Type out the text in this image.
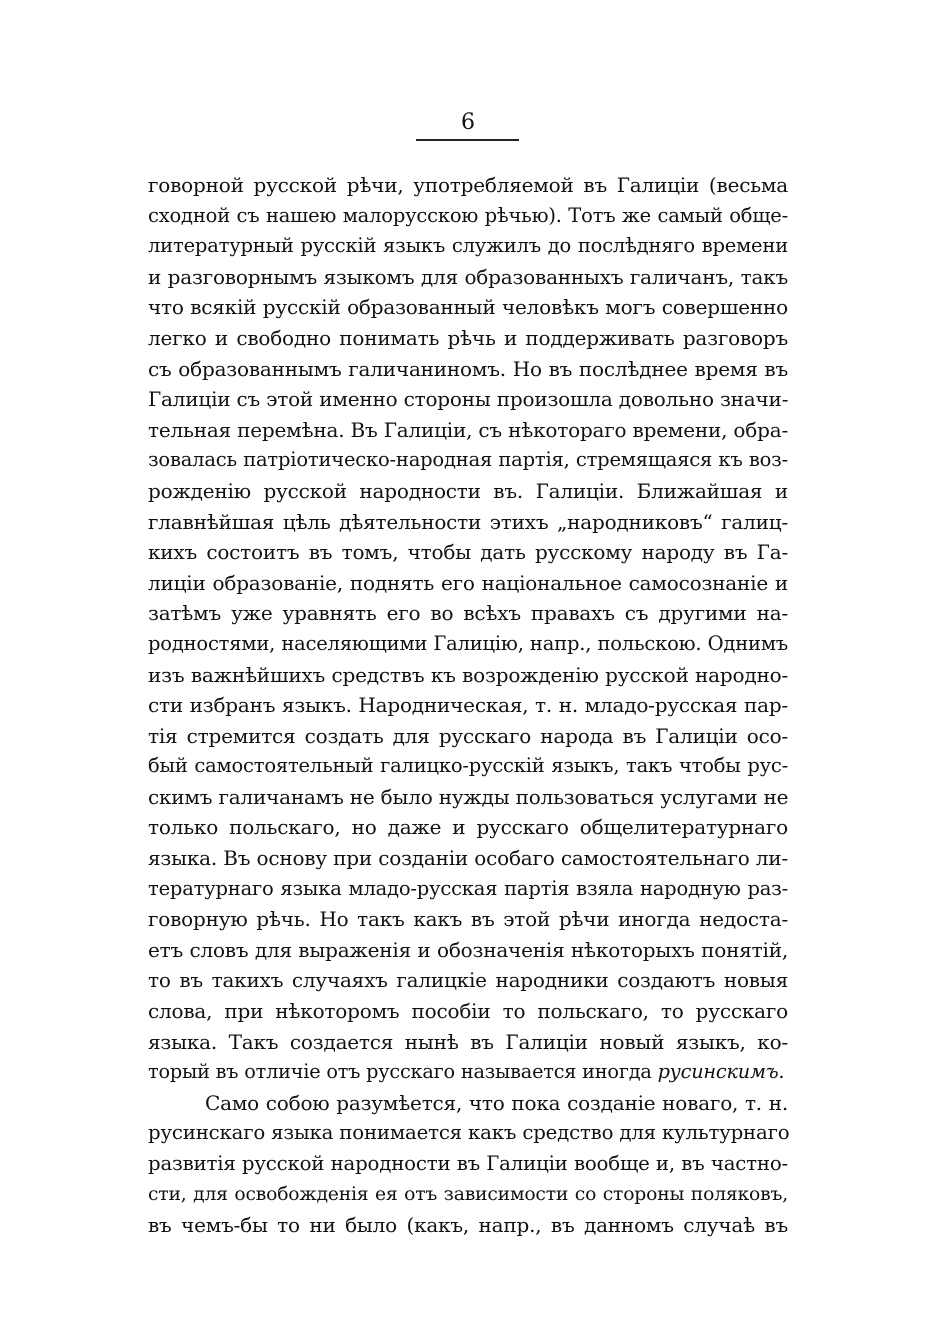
6
говорной русской рѣчи, употребляемой въ Галиціи (весьма
сходной съ нашею малорусскою рѣчью). Тотъ же самый обще-
литературный русскій языкъ служилъ до послѣдняго времени
и разговорнымъ языкомъ для образованныхъ галичанъ, такъ
что всякій русскій образованный человѣкъ могъ совершенно
легко и свободно понимать рѣчь и поддерживать разговоръ
съ образованнымъ галичаниномъ. Но въ послѣднее время въ
Галиціи съ этой именно стороны произошла довольно значи-
тельная перемѣна. Въ Галиціи, съ нѣкотораго времени, обра-
зовалась патріотическо-народная партія, стремящаяся къ воз-
рожденію русской народности въ. Галиціи. Ближайшая и
главнѣйшая цѣль дѣятельности этихъ „народниковъ“ галиц-
кихъ состоитъ въ томъ, чтобы дать русскому народу въ Га-
лиціи образованіе, поднять его національное самосознаніе и
затѣмъ уже уравнять его во всѣхъ правахъ съ другими на-
родностями, населяющими Галицію, напр., польскою. Однимъ
изъ важнѣйшихъ средствъ къ возрожденію русской народно-
сти избранъ языкъ. Народническая, т. н. младо-русская пар-
тія стремится создать для русскаго народа въ Галиціи осо-
бый самостоятельный галицко-русскій языкъ, такъ чтобы рус-
скимъ галичанамъ не было нужды пользоваться услугами не
только польскаго, но даже и русскаго общелитературнаго
языка. Въ основу при созданіи особаго самостоятельнаго ли-
тературнаго языка младо-русская партія взяла народную раз-
говорную рѣчь. Но такъ какъ въ этой рѣчи иногда недоста-
етъ словъ для выраженія и обозначенія нѣкоторыхъ понятій,
то въ такихъ случаяхъ галицкіе народники создаютъ новыя
слова, при нѣкоторомъ пособіи то польскаго, то русскаго
языка. Такъ создается нынѣ въ Галиціи новый языкъ, ко-
торый въ отличіе отъ русскаго называется иногда русинскимъ.
Само собою разумѣется, что пока созданіе новаго, т. н.
русинскаго языка понимается какъ средство для культурнаго
развитія русской народности въ Галиціи вообще и, въ частно-
сти, для освобожденія ея отъ зависимости со стороны поляковъ,
въ чемъ-бы то ни было (какъ, напр., въ данномъ случаѣ въ
